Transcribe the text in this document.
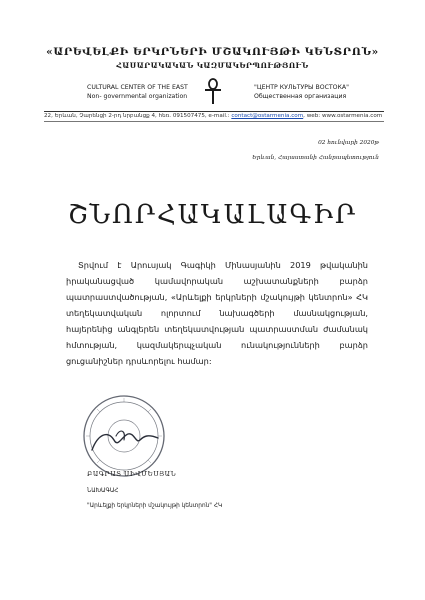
«ԱՐԵՎԵԼՔԻ ԵՐԿՐՆԵՐԻ ՄՇԱԿՈՒՅԹԻ ԿԵՆՏՐՈՆ»
ՀԱՍԱՐԱԿԱԿԱՆ ԿԱԶՄԱԿԵՐՊՈՒԹՅՈՒՆ
CULTURAL CENTER OF THE EAST
Non- governmental organization
"ЦЕНТР КУЛЬТУРЫ ВОСТОКА"
Общественная организация
22, Երևան, Չարենցի 2-րդ նրբանցք 4, հեռ. 091507475, e-mail.: contact@ostarmenia.com, web: www.ostarmenia.com
02 հունվարի 2020թ
Երևան, Հայաստանի Հանրապետություն
ՇՆՈՐՀԱԿԱԼԱԳԻՐ
Տրվում է Արուսյակ Գագիկի Մինասյանին 2019 թվականին իրականացված կամավորական աշխատանքների բարձր պատրաստվածության, «Արևելքի երկրների մշակույթի կենտրոն» ՀԿ տեղեկատվական ոլորտում նախագծերի մասնակցության, հայերենից անգլերեն տեղեկատվության պատրաստման ժամանակ հմտության, կազմակերպչական ունակությունների բարձր ցուցանիշներ դրսևորելու համար:
ԲԱԳՐԱՏ ՍԻՎՄԵՍՅԱՆ
ՆԱԽԱԳԱՀ
"Արևելքի երկրների մշակույթի կենտրոն" ՀԿ
